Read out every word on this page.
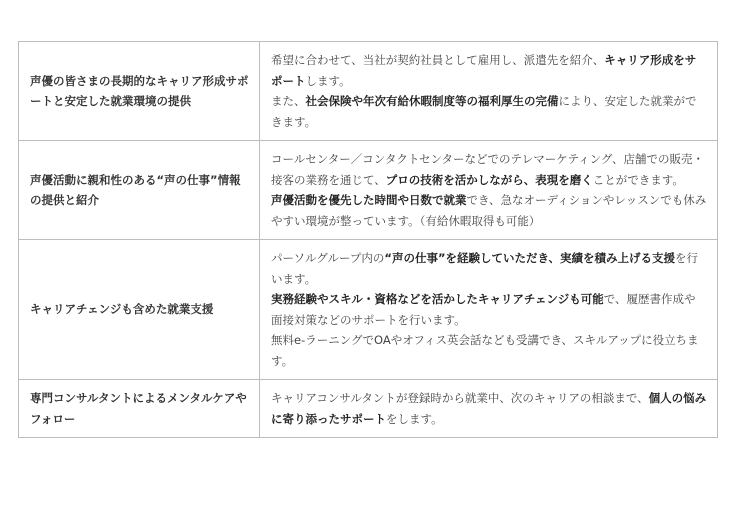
声優の皆さまの長期的なキャリア形成サポートと安定した就業環境の提供	希望に合わせて、当社が契約社員として雇用し、派遣先を紹介、キャリア形成をサポートします。

また、社会保険や年次有給休暇制度等の福利厚生の完備により、安定した就業ができます。

声優活動に親和性のある“声の仕事”情報の提供と紹介	コールセンター／コンタクトセンターなどでのテレマーケティング、店舗での販売・接客の業務を通じて、プロの技術を活かしながら、表現を磨くことができます。

声優活動を優先した時間や日数で就業でき、急なオーディションやレッスンでも休みやすい環境が整っています。（有給休暇取得も可能）

キャリアチェンジも含めた就業支援	パーソルグループ内の“声の仕事”を経験していただき、実績を積み上げる支援を行います。

実務経験やスキル・資格などを活かしたキャリアチェンジも可能で、履歴書作成や面接対策などのサポートを行います。

無料e-ラーニングでOAやオフィス英会話なども受講でき、スキルアップに役立ちます。

専門コンサルタントによるメンタルケアやフォロー	キャリアコンサルタントが登録時から就業中、次のキャリアの相談まで、個人の悩みに寄り添ったサポートをします。
